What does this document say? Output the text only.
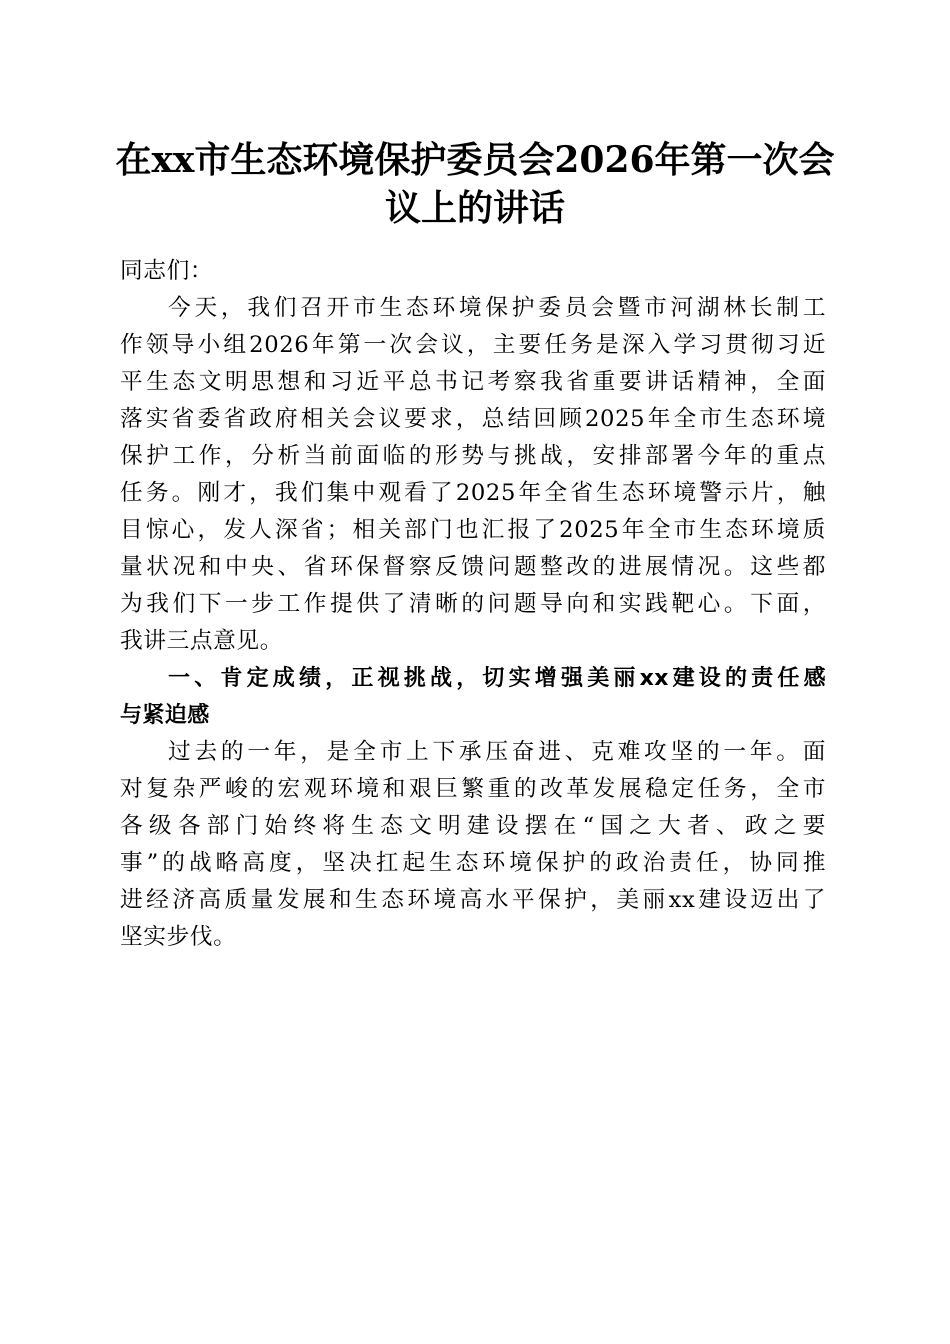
在xx市生态环境保护委员会2026年第一次会
议上的讲话
同志们：
今天，我们召开市生态环境保护委员会暨市河湖林长制工
作领导小组2026年第一次会议，主要任务是深入学习贯彻习近
平生态文明思想和习近平总书记考察我省重要讲话精神，全面
落实省委省政府相关会议要求，总结回顾2025年全市生态环境
保护工作，分析当前面临的形势与挑战，安排部署今年的重点
任务。刚才，我们集中观看了2025年全省生态环境警示片，触
目惊心，发人深省；相关部门也汇报了2025年全市生态环境质
量状况和中央、省环保督察反馈问题整改的进展情况。这些都
为我们下一步工作提供了清晰的问题导向和实践靶心。下面，
我讲三点意见。
一、肯定成绩，正视挑战，切实增强美丽xx建设的责任感
与紧迫感
过去的一年，是全市上下承压奋进、克难攻坚的一年。面
对复杂严峻的宏观环境和艰巨繁重的改革发展稳定任务，全市
各级各部门始终将生态文明建设摆在“国之大者、政之要
事”的战略高度，坚决扛起生态环境保护的政治责任，协同推
进经济高质量发展和生态环境高水平保护，美丽xx建设迈出了
坚实步伐。
